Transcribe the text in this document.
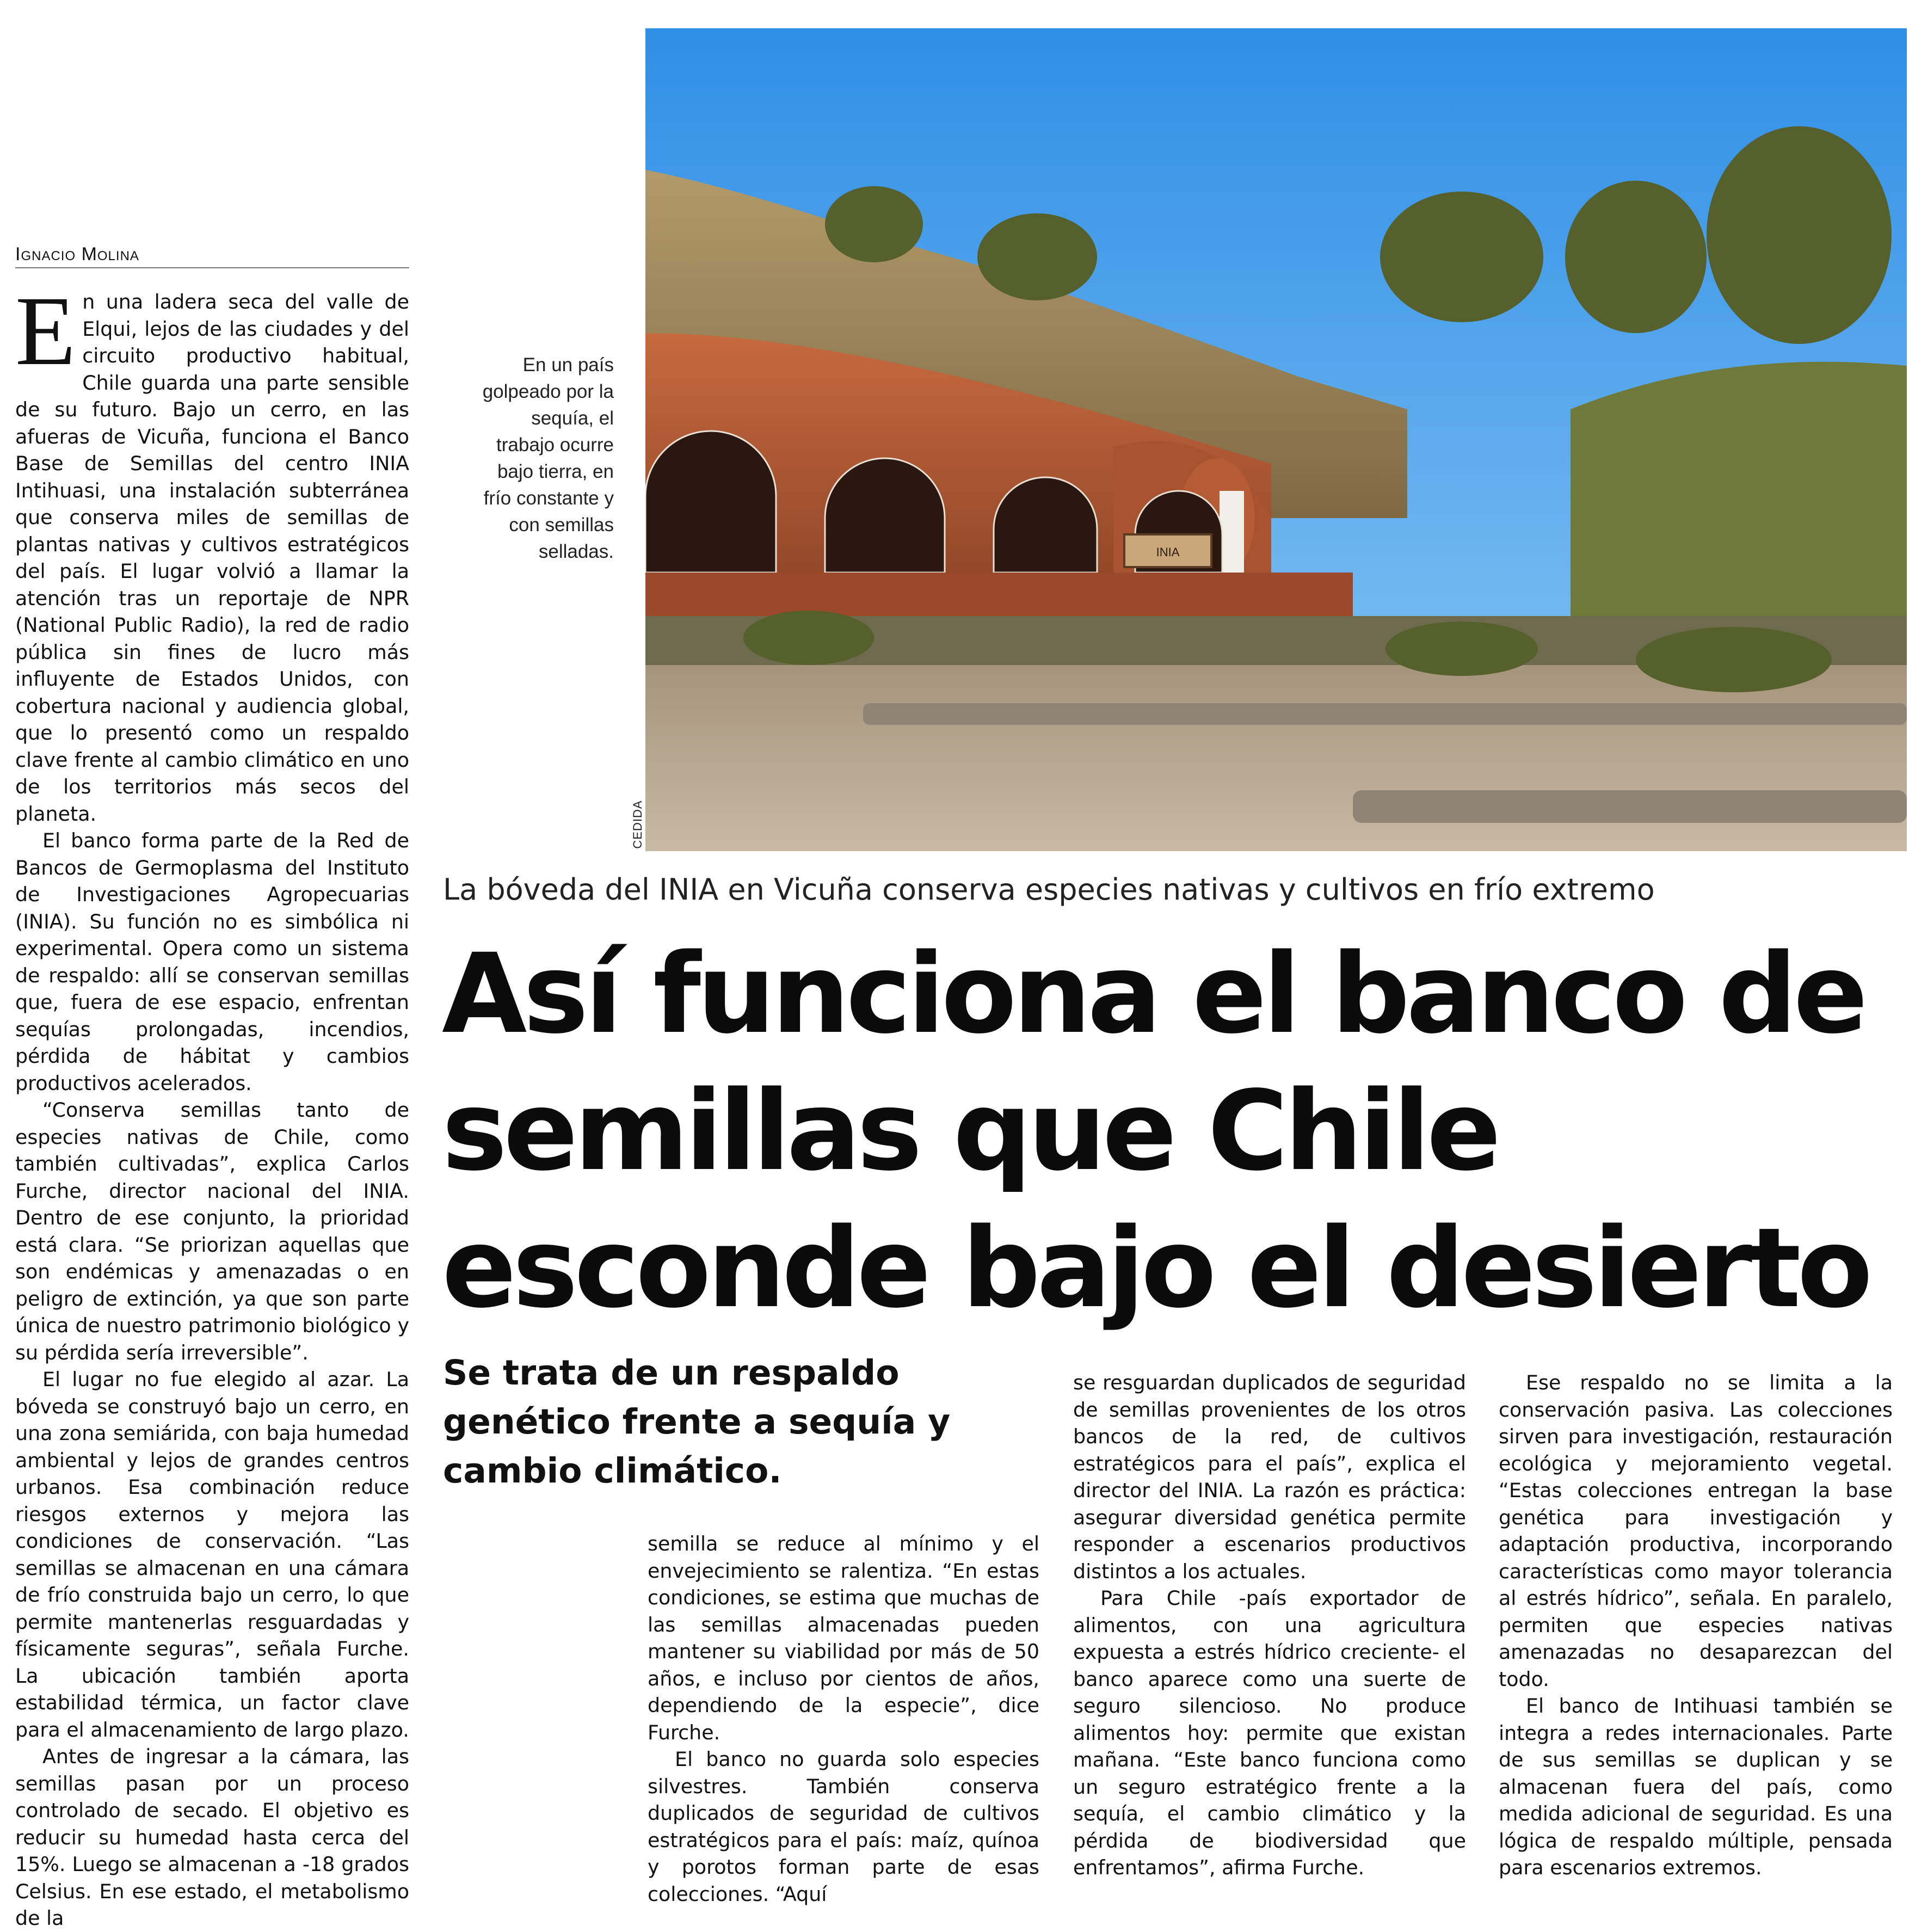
Ignacio Molina

En una ladera seca del valle de Elqui, lejos de las ciudades y del circuito productivo habitual, Chile guarda una parte sensible de su futuro. Bajo un cerro, en las afueras de Vicuña, funciona el Banco Base de Semillas del centro INIA Intihuasi, una instalación subterránea que conserva miles de semillas de plantas nativas y cultivos estratégicos del país. El lugar volvió a llamar la atención tras un reportaje de NPR (National Public Radio), la red de radio pública sin fines de lucro más influyente de Estados Unidos, con cobertura nacional y audiencia global, que lo presentó como un respaldo clave frente al cambio climático en uno de los territorios más secos del planeta.

El banco forma parte de la Red de Bancos de Germoplasma del Instituto de Investigaciones Agropecuarias (INIA). Su función no es simbólica ni experimental. Opera como un sistema de respaldo: allí se conservan semillas que, fuera de ese espacio, enfrentan sequías prolongadas, incendios, pérdida de hábitat y cambios productivos acelerados.

“Conserva semillas tanto de especies nativas de Chile, como también cultivadas”, explica Carlos Furche, director nacional del INIA. Dentro de ese conjunto, la prioridad está clara. “Se priorizan aquellas que son endémicas y amenazadas o en peligro de extinción, ya que son parte única de nuestro patrimonio biológico y su pérdida sería irreversible”.

El lugar no fue elegido al azar. La bóveda se construyó bajo un cerro, en una zona semiárida, con baja humedad ambiental y lejos de grandes centros urbanos. Esa combinación reduce riesgos externos y mejora las condiciones de conservación. “Las semillas se almacenan en una cámara de frío construida bajo un cerro, lo que permite mantenerlas resguardadas y físicamente seguras”, señala Furche. La ubicación también aporta estabilidad térmica, un factor clave para el almacenamiento de largo plazo.

Antes de ingresar a la cámara, las semillas pasan por un proceso controlado de secado. El objetivo es reducir su humedad hasta cerca del 15%. Luego se almacenan a -18 grados Celsius. En ese estado, el metabolismo de la

En un país golpeado por la sequía, el trabajo ocurre bajo tierra, en frío constante y con semillas selladas.	INIA
CEDIDA
La bóveda del INIA en Vicuña conserva especies nativas y cultivos en frío extremo
Así funciona el banco de semillas que Chile esconde bajo el desierto

Se trata de un respaldo genético frente a sequía y cambio climático.

semilla se reduce al mínimo y el envejecimiento se ralentiza. “En estas condiciones, se estima que muchas de las semillas almacenadas pueden mantener su viabilidad por más de 50 años, e incluso por cientos de años, dependiendo de la especie”, dice Furche.

El banco no guarda solo especies silvestres. También conserva duplicados de seguridad de cultivos estratégicos para el país: maíz, quínoa y porotos forman parte de esas colecciones. “Aquí

se resguardan duplicados de seguridad de semillas provenientes de los otros bancos de la red, de cultivos estratégicos para el país”, explica el director del INIA. La razón es práctica: asegurar diversidad genética permite responder a escenarios productivos distintos a los actuales.

Para Chile -país exportador de alimentos, con una agricultura expuesta a estrés hídrico creciente- el banco aparece como una suerte de seguro silencioso. No produce alimentos hoy: permite que existan mañana. “Este banco funciona como un seguro estratégico frente a la sequía, el cambio climático y la pérdida de biodiversidad que enfrentamos”, afirma Furche.

Ese respaldo no se limita a la conservación pasiva. Las colecciones sirven para investigación, restauración ecológica y mejoramiento vegetal. “Estas colecciones entregan la base genética para investigación y adaptación productiva, incorporando características como mayor tolerancia al estrés hídrico”, señala. En paralelo, permiten que especies nativas amenazadas no desaparezcan del todo.

El banco de Intihuasi también se integra a redes internacionales. Parte de sus semillas se duplican y se almacenan fuera del país, como medida adicional de seguridad. Es una lógica de respaldo múltiple, pensada para escenarios extremos.
